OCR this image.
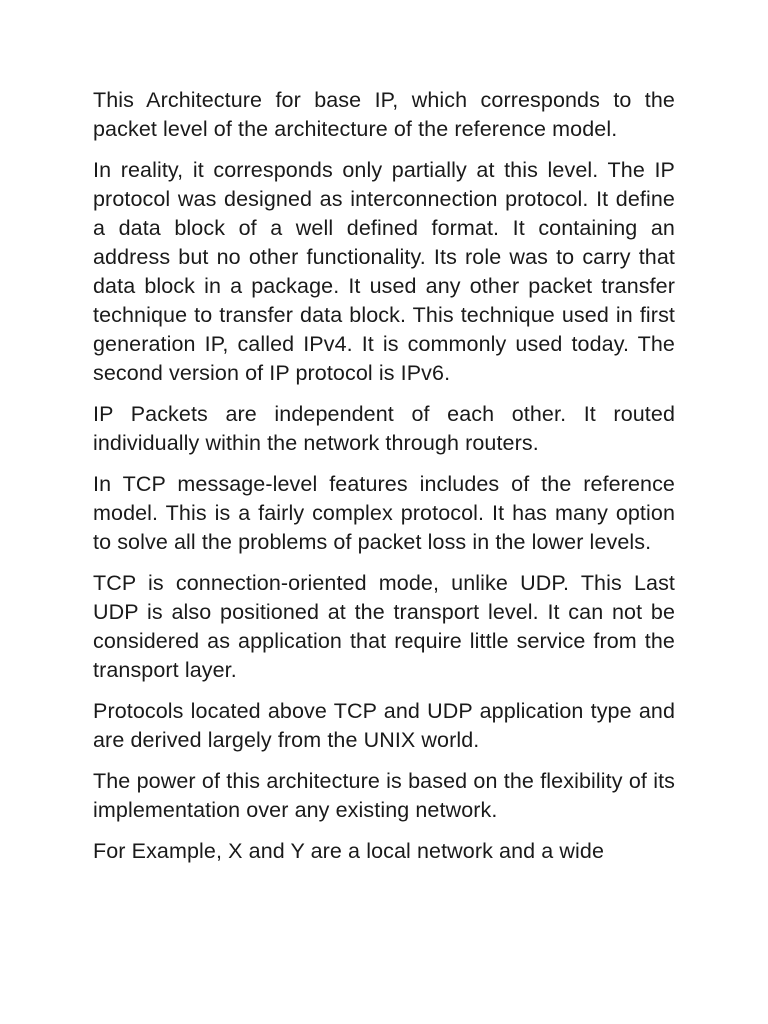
This Architecture for base IP, which corresponds to the packet level of the architecture of the reference model.

In reality, it corresponds only partially at this level. The IP protocol was designed as interconnection protocol. It define a data block of a well defined format. It containing an address but no other functionality. Its role was to carry that data block in a package. It used any other packet transfer technique to transfer data block. This technique used in first generation IP, called IPv4. It is commonly used today. The second version of IP protocol is IPv6.

IP Packets are independent of each other. It routed individually within the network through routers.

In TCP message-level features includes of the reference model. This is a fairly complex protocol. It has many option to solve all the problems of packet loss in the lower levels.

TCP is connection-oriented mode, unlike UDP. This Last UDP is also positioned at the transport level. It can not be considered as application that require little service from the transport layer.

Protocols located above TCP and UDP application type and are derived largely from the UNIX world.

The power of this architecture is based on the flexibility of its implementation over any existing network.

For Example, X and Y are a local network and a wide
